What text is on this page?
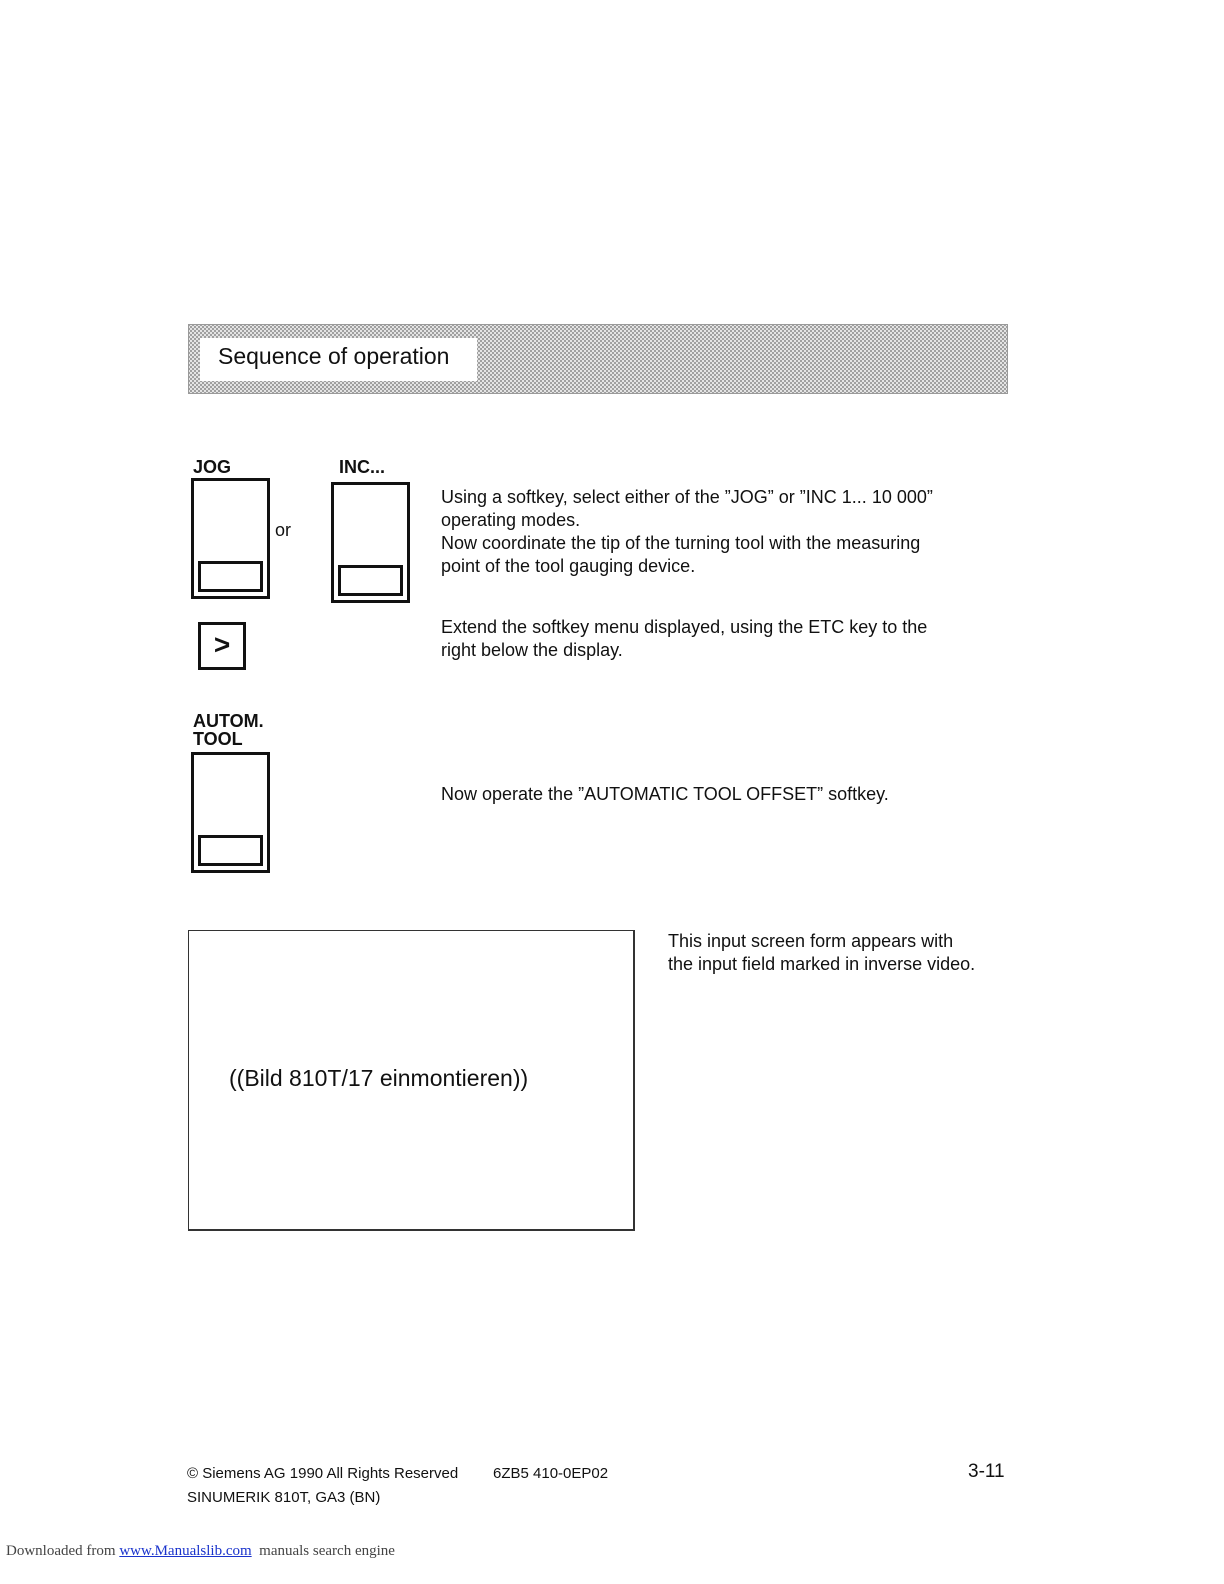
Sequence of operation
JOG
or
INC...
Using a softkey, select either of the ”JOG” or ”INC 1... 10 000”
operating modes.
Now coordinate the tip of the turning tool with the measuring
point of the tool gauging device.
>
Extend the softkey menu displayed, using the ETC key to the
right below the display.
AUTOM.
TOOL
Now operate the ”AUTOMATIC TOOL OFFSET” softkey.
((Bild 810T/17 einmontieren))
This input screen form appears with
the input field marked in inverse video.
© Siemens AG 1990 All Rights Reserved 6ZB5 410-0EP02	3-11
SINUMERIK 810T, GA3 (BN)
Downloaded from www.Manualslib.com manuals search engine
